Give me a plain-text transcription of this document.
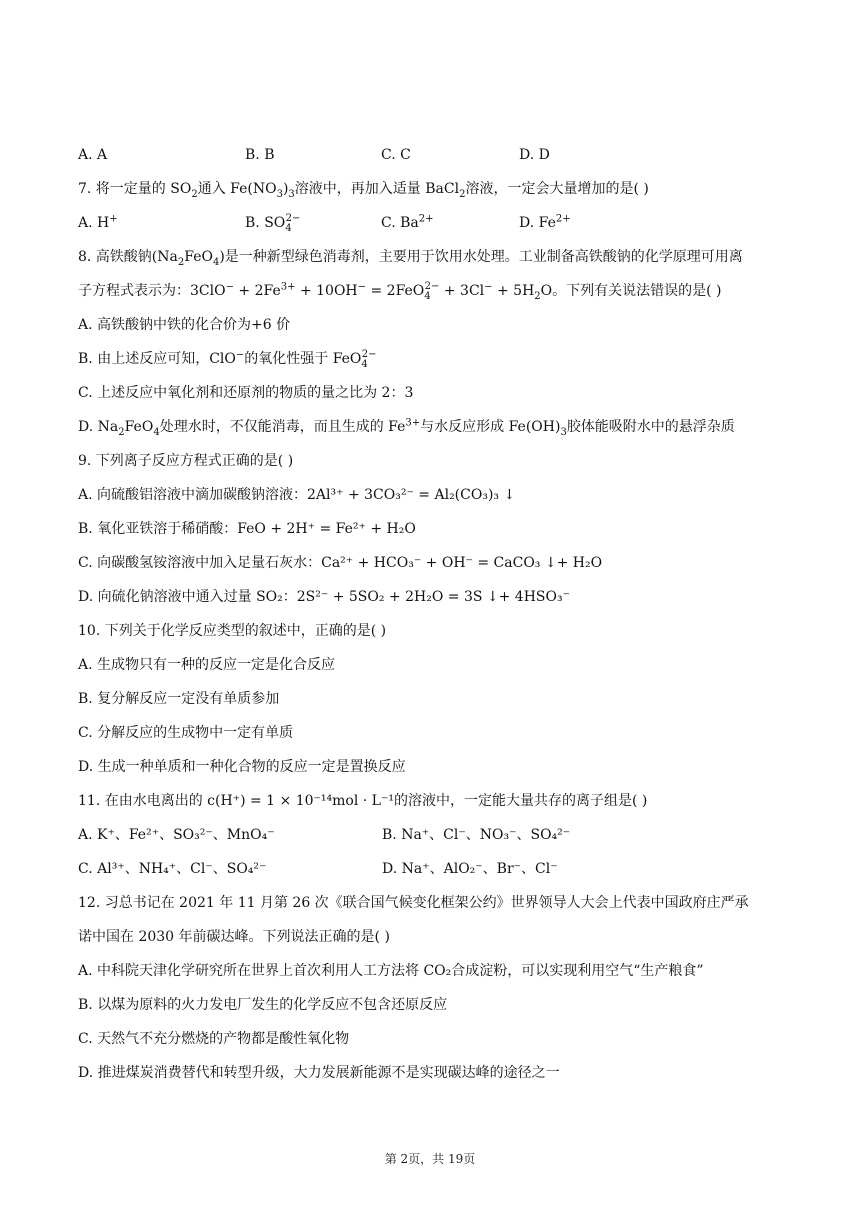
A. A	B. B	C. C	D. D
7. 将一定量的 $SO_2$通入 $Fe(NO_3)_3$溶液中，再加入适量 BaCl$_2$溶液，一定会大量增加的是( )
A. H+	B. $SO_4^{2-}$	C. $Ba^{2+}$	D. $Fe^{2+}$
8. 高铁酸钠$(Na_2FeO_4)$是一种新型绿色消毒剂，主要用于饮用水处理。工业制备高铁酸钠的化学原理可用离
子方程式表示为：$3ClO^- + 2Fe^{3+} + 10OH^- = 2FeO_4^{2-} + 3Cl^- + 5H_2O$。下列有关说法错误的是( )
A. 高铁酸钠中铁的化合价为+6 价
B. 由上述反应可知，ClO−的氧化性强于 FeO$_4^{2-}$
C. 上述反应中氧化剂和还原剂的物质的量之比为 2：3
D. $Na_2FeO_4$处理水时，不仅能消毒，而且生成的 $Fe^{3+}$与水反应形成 $Fe(OH)_3$胶体能吸附水中的悬浮杂质
9. 下列离子反应方程式正确的是( )
A. 向硫酸铝溶液中滴加碳酸钠溶液：2Al³⁺ + 3CO₃²⁻ = Al₂(CO₃)₃ ↓
B. 氧化亚铁溶于稀硝酸：FeO + 2H⁺ = Fe²⁺ + H₂O
C. 向碳酸氢铵溶液中加入足量石灰水：Ca²⁺ + HCO₃⁻ + OH⁻ = CaCO₃ ↓+ H₂O
D. 向硫化钠溶液中通入过量 SO₂：2S²⁻ + 5SO₂ + 2H₂O = 3S ↓+ 4HSO₃⁻
10. 下列关于化学反应类型的叙述中，正确的是( )
A. 生成物只有一种的反应一定是化合反应
B. 复分解反应一定没有单质参加
C. 分解反应的生成物中一定有单质
D. 生成一种单质和一种化合物的反应一定是置换反应
11. 在由水电离出的 c(H⁺) = 1 × 10⁻¹⁴mol · L⁻¹的溶液中，一定能大量共存的离子组是( )
A. K⁺、Fe²⁺、SO₃²⁻、MnO₄⁻	B. Na⁺、Cl⁻、NO₃⁻、SO₄²⁻
C. Al³⁺、NH₄⁺、Cl⁻、SO₄²⁻	D. Na⁺、AlO₂⁻、Br⁻、Cl⁻
12. 习总书记在 2021 年 11 月第 26 次《联合国气候变化框架公约》世界领导人大会上代表中国政府庄严承
诺中国在 2030 年前碳达峰。下列说法正确的是( )
A. 中科院天津化学研究所在世界上首次利用人工方法将 CO₂合成淀粉，可以实现利用空气“生产粮食”
B. 以煤为原料的火力发电厂发生的化学反应不包含还原反应
C. 天然气不充分燃烧的产物都是酸性氧化物
D. 推进煤炭消费替代和转型升级，大力发展新能源不是实现碳达峰的途径之一
第 2页，共 19页
